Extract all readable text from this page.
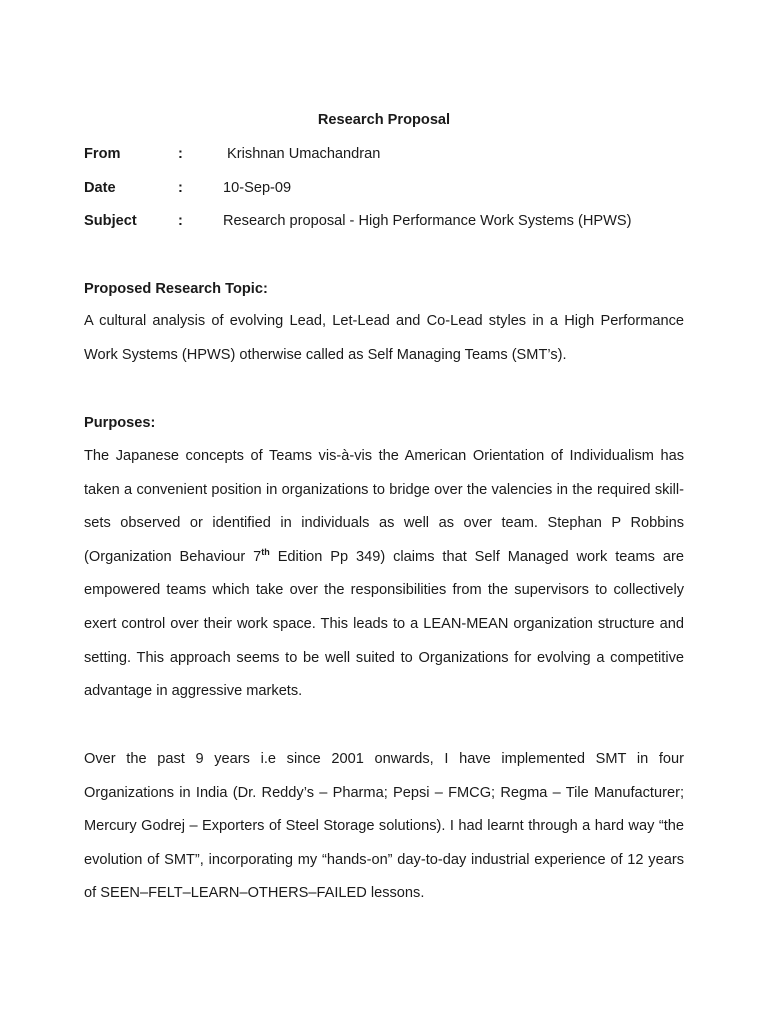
Research Proposal
From	:	Krishnan Umachandran
Date	:	10-Sep-09
Subject	:	Research proposal - High Performance Work Systems (HPWS)
Proposed Research Topic:

A cultural analysis of evolving Lead, Let-Lead and Co-Lead styles in a High Performance Work Systems (HPWS) otherwise called as Self Managing Teams (SMT’s).

Purposes:

The Japanese concepts of Teams vis-à-vis the American Orientation of Individualism has taken a convenient position in organizations to bridge over the valencies in the required skill-sets observed or identified in individuals as well as over team. Stephan P Robbins (Organization Behaviour 7th Edition Pp 349) claims that Self Managed work teams are empowered teams which take over the responsibilities from the supervisors to collectively exert control over their work space. This leads to a LEAN-MEAN organization structure and setting. This approach seems to be well suited to Organizations for evolving a competitive advantage in aggressive markets.

Over the past 9 years i.e since 2001 onwards, I have implemented SMT in four Organizations in India (Dr. Reddy’s – Pharma; Pepsi – FMCG; Regma – Tile Manufacturer; Mercury Godrej – Exporters of Steel Storage solutions). I had learnt through a hard way “the evolution of SMT”, incorporating my “hands-on” day-to-day industrial experience of 12 years of SEEN–FELT–LEARN–OTHERS–FAILED lessons.
